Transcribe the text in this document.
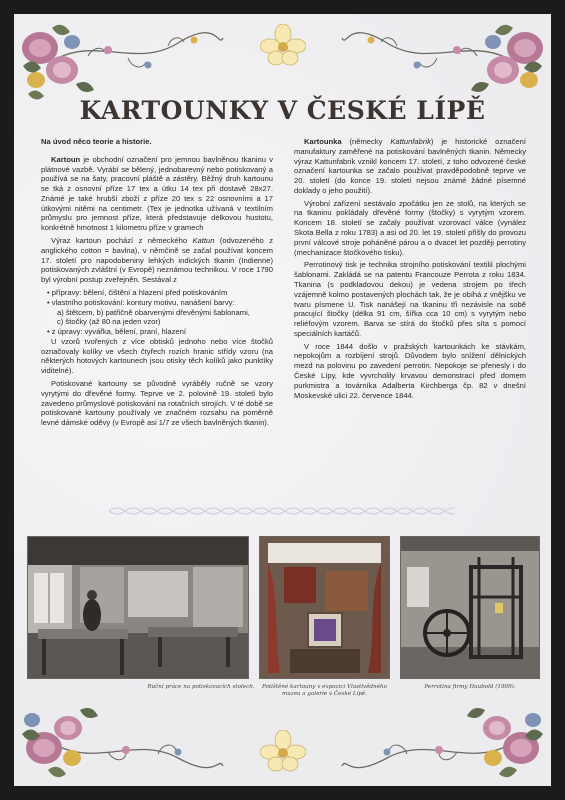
KARTOUNKY V ČESKÉ LÍPĚ

Na úvod něco teorie a historie.

Kartoun je obchodní označení pro jemnou bavlněnou tkaninu v plátnové vazbě. Vyrábí se bělený, jednobarevný nebo potiskovaný a používá se na šaty, pracovní pláště a zástěry. Běžný druh kartounu se tká z osnovní příze 17 tex a útku 14 tex při dostavě 28x27. Známé je také hrubší zboží z příze 20 tex s 22 osnovními a 17 útkovými nitěmi na centimetr. (Tex je jednotka užívaná v textilním průmyslu pro jemnost příze, která představuje délkovou hustotu, konkrétně hmotnost 1 kilometru příze v gramech

Výraz kartoun pochází z německého Kattun (odvozeného z anglického cotton = bavlna), v němčině se začal používat koncem 17. století pro napodobeniny lehkých indických tkanin (Indienne) potiskovaných zvláštní (v Evropě) neznámou technikou. V roce 1790 byl výrobní postup zveřejněn. Sestával z

• přípravy: bělení, čištění a hlazení před potiskováním

• vlastního potiskování: kontury motivu, nanášení barvy:

a) štětcem, b) patřičně obarvenými dřevěnými šablonami,

c) štočky (až 80 na jeden vzor)

• z úpravy: vyvářka, bělení, praní, hlazení

U vzorů tvořených z více obtisků jednoho nebo více štočků označovaly kolíky ve všech čtyřech rozích hranic střídy vzoru (na některých hotových kartounech jsou otisky těch kolíků jako punktíky viditelné).

Potiskované kartouny se původně vyráběly ručně se vzory vyrytými do dřevěné formy. Teprve ve 2. polovině 19. století bylo zavedeno průmyslové potiskování na rotačních strojích. V té době se potiskované kartouny používaly ve značném rozsahu na poměrně levné dámské oděvy (v Evropě asi 1/7 ze všech bavlněných tkanin).

Kartounka (německy Kattunfabrik) je historické označení manufaktury zaměřené na potiskování bavlněných tkanin. Německy výraz Kattunfabrik vznikl koncem 17. století, z toho odvozené české označení kartounka se začalo používat pravděpodobně teprve ve 20. století (do konce 19. století nejsou známé žádné písemné doklady o jeho použití).

Výrobní zařízení sestávalo zpočátku jen ze stolů, na kterých se na tkaninu pokládaly dřevěné formy (štočky) s vyrytým vzorem. Koncem 18. století se začaly používat vzorovací válce (vynález Skota Bella z roku 1783) a asi od 20. let 19. století přišly do provozu první válcové stroje poháněné párou a o dvacet let později perrotiny (mechanizace štočkového tisku).

Perrotinový tisk je technika strojního potiskování textilií plochými šablonami. Zakládá se na patentu Francouze Perrota z roku 1834. Tkanina (s podkladovou dekou) je vedena strojem po třech vzájemně kolmo postavených plochách tak, že je obíhá z vnějšku ve tvaru písmene U. Tisk nanášejí na tkaninu tři nezávisle na sobě pracující štočky (délka 91 cm, šířka cca 10 cm) s vyrytým nebo reliéfovým vzorem. Barva se stírá do štočků přes síta s pomocí speciálních kartáčů.

V roce 1844 došlo v pražských kartounkách ke stávkám, nepokojům a rozbíjení strojů. Důvodem bylo snížení dělnických mezd na polovinu po zavedení perrotin. Nepokoje se přenesly i do České Lípy, kde vyvrcholily krvavou demonstrací před domem purkmistra a továrníka Adalberta Kirchberga čp. 82 v dnešní Moskevské ulici 22. července 1844.

Ruční práce na potiskovacích stolech.	Potištěné kartouny v expozici Vlastivědného muzea a galerie v České Lípě.
Perrotina firmy Haubold (1909).
